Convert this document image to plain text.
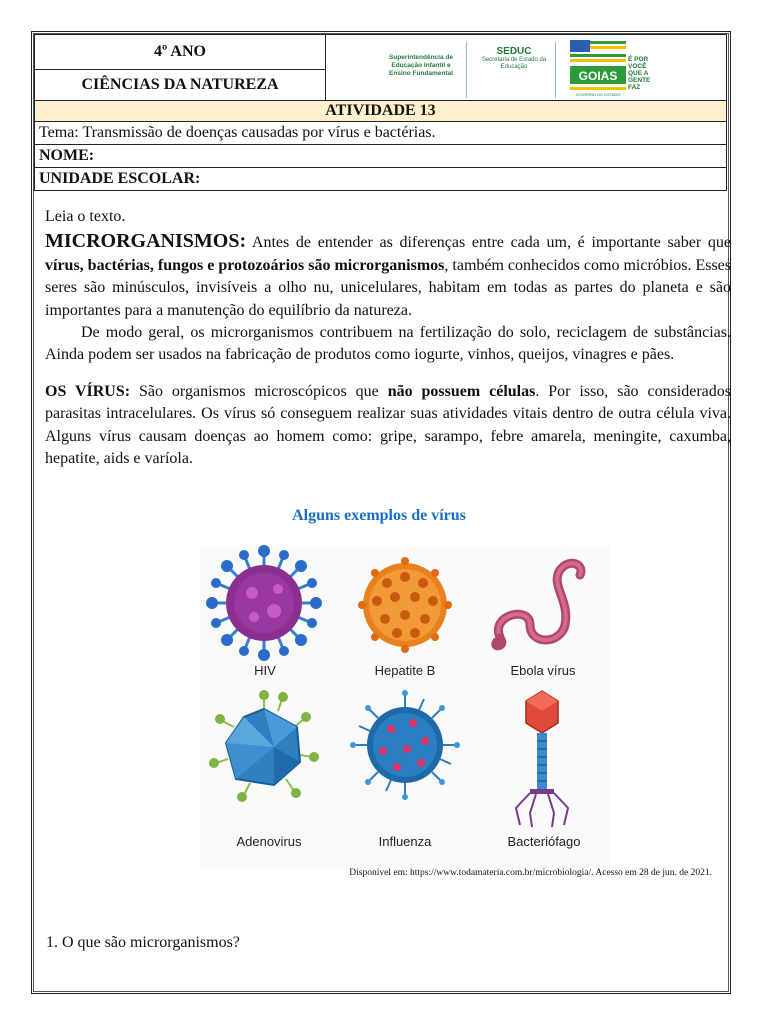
4º ANO	Superintendência de Educação Infantil e Ensino Fundamental
SEDUC
Secretaria de Estado da Educação
GOIAS
GOVERNO DO ESTADO
É POR VOCÊ QUE A GENTE FAZ

CIÊNCIAS DA NATUREZA
ATIVIDADE 13
Tema: Transmissão de doenças causadas por vírus e bactérias.
NOME:
UNIDADE ESCOLAR:

Leia o texto.

MICRORGANISMOS: Antes de entender as diferenças entre cada um, é importante saber que vírus, bactérias, fungos e protozoários são microrganismos, também conhecidos como micróbios. Esses seres são minúsculos, invisíveis a olho nu, unicelulares, habitam em todas as partes do planeta e são importantes para a manutenção do equilíbrio da natureza.

De modo geral, os microrganismos contribuem na fertilização do solo, reciclagem de substâncias. Ainda podem ser usados na fabricação de produtos como iogurte, vinhos, queijos, vinagres e pães.

OS VÍRUS: São organismos microscópicos que não possuem células. Por isso, são considerados parasitas intracelulares. Os vírus só conseguem realizar suas atividades vitais dentro de outra célula viva. Alguns vírus causam doenças ao homem como: gripe, sarampo, febre amarela, meningite, caxumba, hepatite, aids e varíola.

Alguns exemplos de vírus
HIV	Hepatite B	Ebola vírus
Adenovirus	Influenza	Bacteriófago
Disponível em: https://www.todamateria.com.br/microbiologia/. Acesso em 28 de jun. de 2021.
1. O que são microrganismos?
